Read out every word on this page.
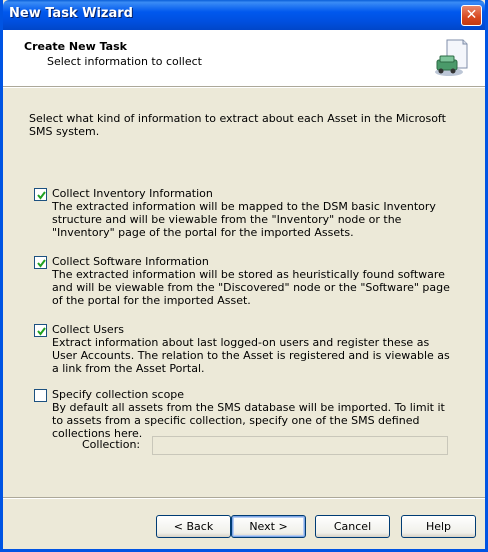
New Task Wizard	✕
Create New Task
Select information to collect
Select what kind of information to extract about each Asset in the Microsoft SMS system.
Collect Inventory Information
The extracted information will be mapped to the DSM basic Inventory structure and will be viewable from the "Inventory" node or the "Inventory" page of the portal for the imported Assets.
Collect Software Information
The extracted information will be stored as heuristically found software and will be viewable from the "Discovered" node or the "Software" page of the portal for the imported Asset.
Collect Users
Extract information about last logged-on users and register these as User Accounts. The relation to the Asset is registered and is viewable as a link from the Asset Portal.
Specify collection scope
By default all assets from the SMS database will be imported. To limit it to assets from a specific collection, specify one of the SMS defined collections here.
Collection:
< Back	Next >	Cancel	Help
